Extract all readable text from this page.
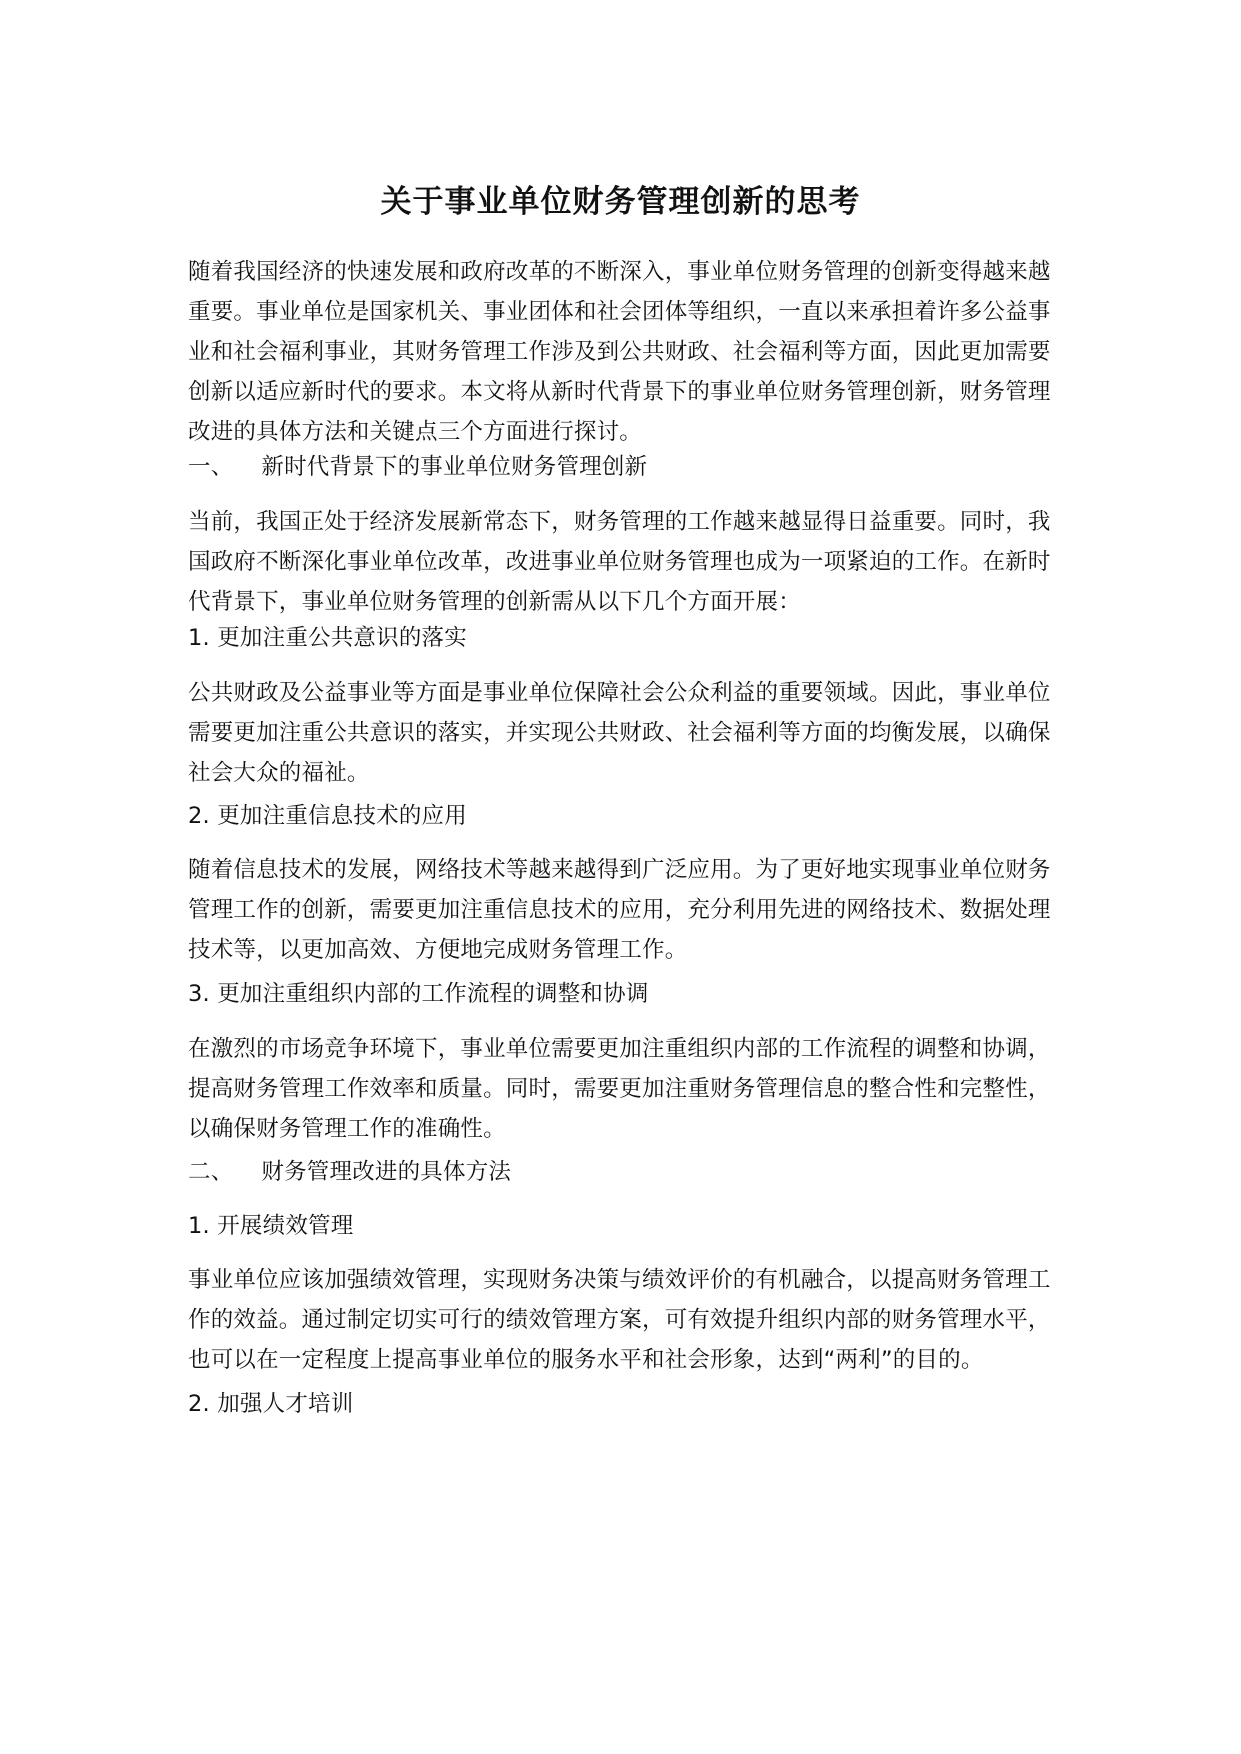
关于事业单位财务管理创新的思考

随着我国经济的快速发展和政府改革的不断深入，事业单位财务管理的创新变得越来越重要。事业单位是国家机关、事业团体和社会团体等组织，一直以来承担着许多公益事业和社会福利事业，其财务管理工作涉及到公共财政、社会福利等方面，因此更加需要创新以适应新时代的要求。本文将从新时代背景下的事业单位财务管理创新，财务管理改进的具体方法和关键点三个方面进行探讨。

一、 新时代背景下的事业单位财务管理创新

当前，我国正处于经济发展新常态下，财务管理的工作越来越显得日益重要。同时，我国政府不断深化事业单位改革，改进事业单位财务管理也成为一项紧迫的工作。在新时代背景下，事业单位财务管理的创新需从以下几个方面开展：

1. 更加注重公共意识的落实

公共财政及公益事业等方面是事业单位保障社会公众利益的重要领域。因此，事业单位需要更加注重公共意识的落实，并实现公共财政、社会福利等方面的均衡发展，以确保社会大众的福祉。

2. 更加注重信息技术的应用

随着信息技术的发展，网络技术等越来越得到广泛应用。为了更好地实现事业单位财务管理工作的创新，需要更加注重信息技术的应用，充分利用先进的网络技术、数据处理技术等，以更加高效、方便地完成财务管理工作。

3. 更加注重组织内部的工作流程的调整和协调

在激烈的市场竞争环境下，事业单位需要更加注重组织内部的工作流程的调整和协调，提高财务管理工作效率和质量。同时，需要更加注重财务管理信息的整合性和完整性，以确保财务管理工作的准确性。

二、 财务管理改进的具体方法
1. 开展绩效管理

事业单位应该加强绩效管理，实现财务决策与绩效评价的有机融合，以提高财务管理工作的效益。通过制定切实可行的绩效管理方案，可有效提升组织内部的财务管理水平，也可以在一定程度上提高事业单位的服务水平和社会形象，达到“两利”的目的。

2. 加强人才培训
